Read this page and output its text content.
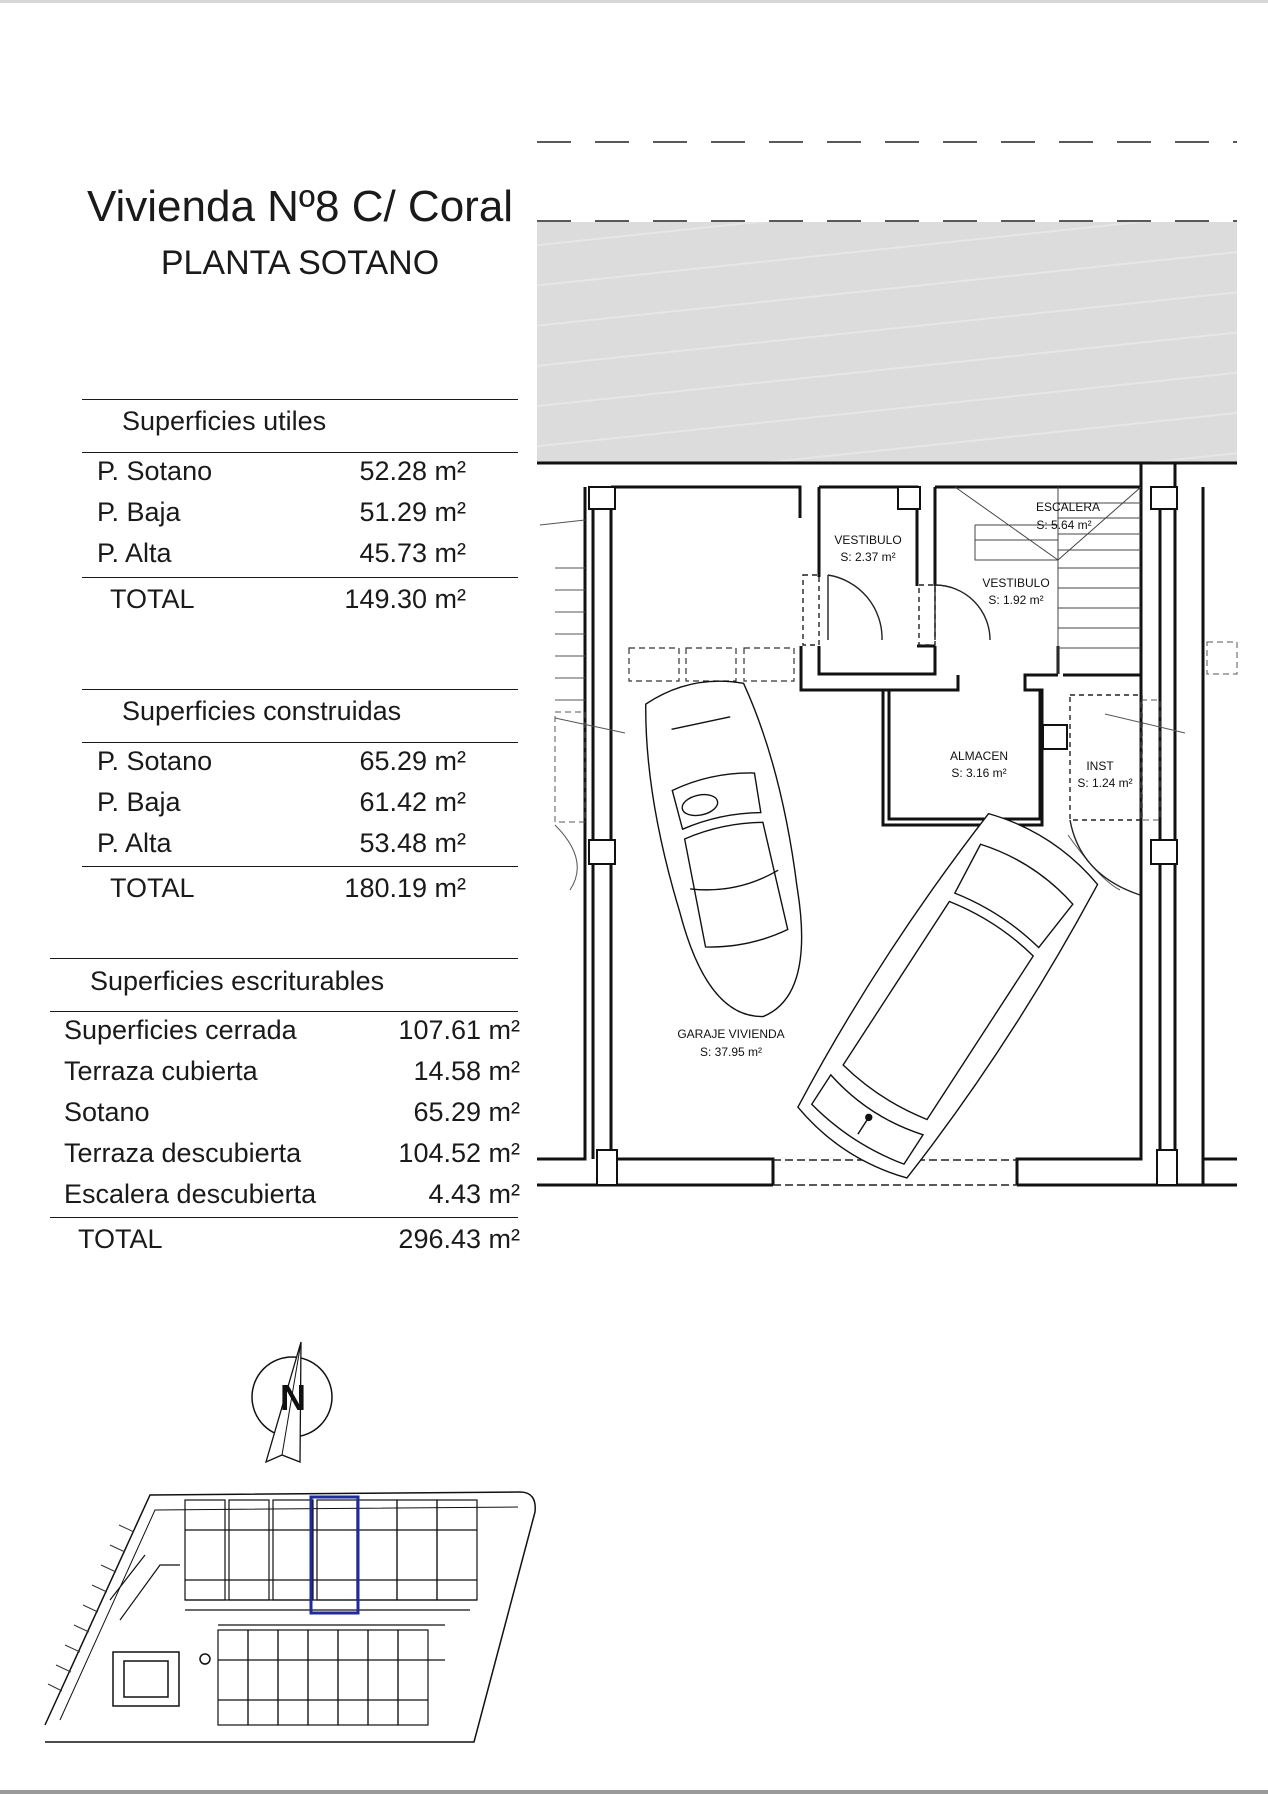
Vivienda Nº8 C/ Coral
PLANTA SOTANO
Superficies utiles
P. Sotano	52.28 m²
P. Baja	51.29 m²
P. Alta	45.73 m²
TOTAL	149.30 m²
Superficies construidas
P. Sotano	65.29 m²
P. Baja	61.42 m²
P. Alta	53.48 m²
TOTAL	180.19 m²
Superficies escriturables
Superficies cerrada	107.61 m²
Terraza cubierta	14.58 m²
Sotano	65.29 m²
Terraza descubierta	104.52 m²
Escalera descubierta	4.43 m²
TOTAL	296.43 m²
VESTIBULO
S: 2.37 m²
VESTIBULO
S: 1.92 m²
ESCALERA
S: 5.64 m²
ALMACEN
S: 3.16 m²	INST
S: 1.24 m²
GARAJE VIVIENDA
S: 37.95 m²
N
